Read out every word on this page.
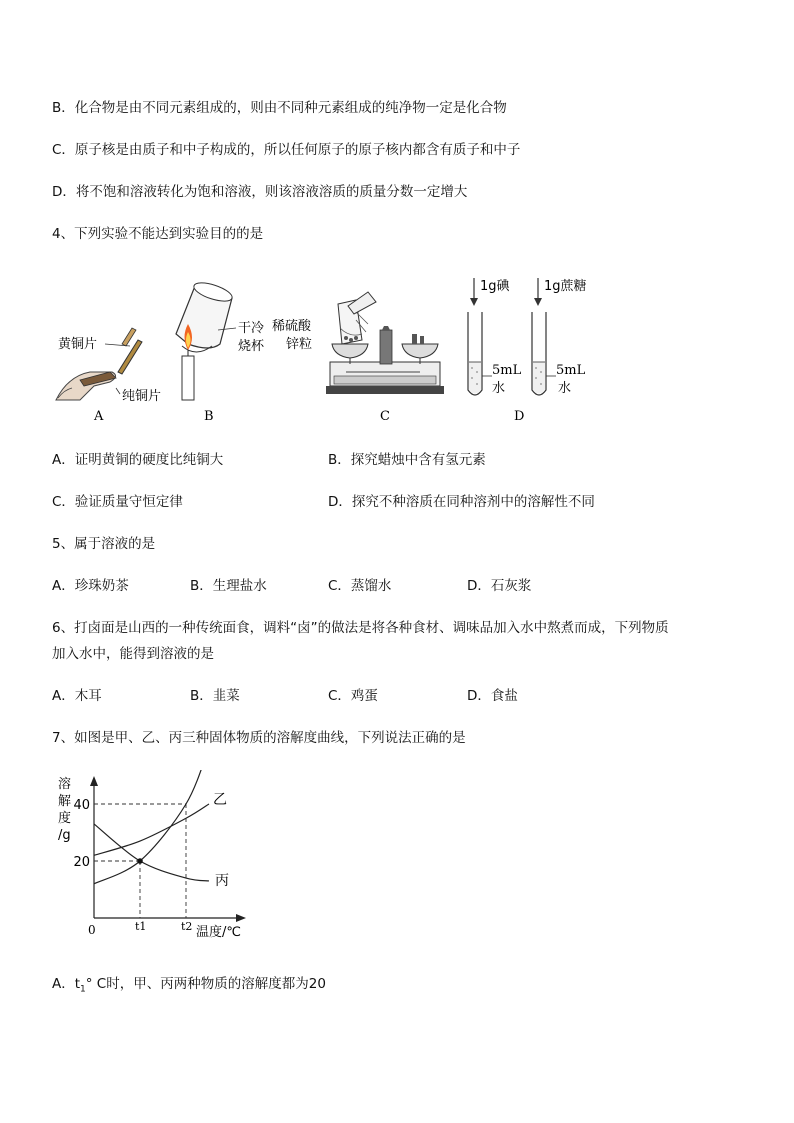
B．化合物是由不同元素组成的，则由不同种元素组成的纯净物一定是化合物
C．原子核是由质子和中子构成的，所以任何原子的原子核内都含有质子和中子
D．将不饱和溶液转化为饱和溶液，则该溶液溶质的质量分数一定增大
4、下列实验不能达到实验目的的是
黄铜片
纯铜片
A
干冷
烧杯
B
稀硫酸
锌粒
C
1g碘
5mL
水
1g蔗糖
5mL
水
D
A．证明黄铜的硬度比纯铜大	B．探究蜡烛中含有氢元素
C．验证质量守恒定律	D．探究不种溶质在同种溶剂中的溶解性不同
5、属于溶液的是
A．珍珠奶茶	B．生理盐水	C．蒸馏水	D．石灰浆
6、打卤面是山西的一种传统面食，调料“卤”的做法是将各种食材、调味品加入水中熬煮而成，下列物质
加入水中，能得到溶液的是
A．木耳	B．韭菜	C．鸡蛋	D．食盐
7、如图是甲、乙、丙三种固体物质的溶解度曲线，下列说法正确的是
乙
丙
溶
解
度
/g
20
40
t1	t2
0	温度/℃
A．$t_1^\circ$ C时，甲、丙两种物质的溶解度都为20
